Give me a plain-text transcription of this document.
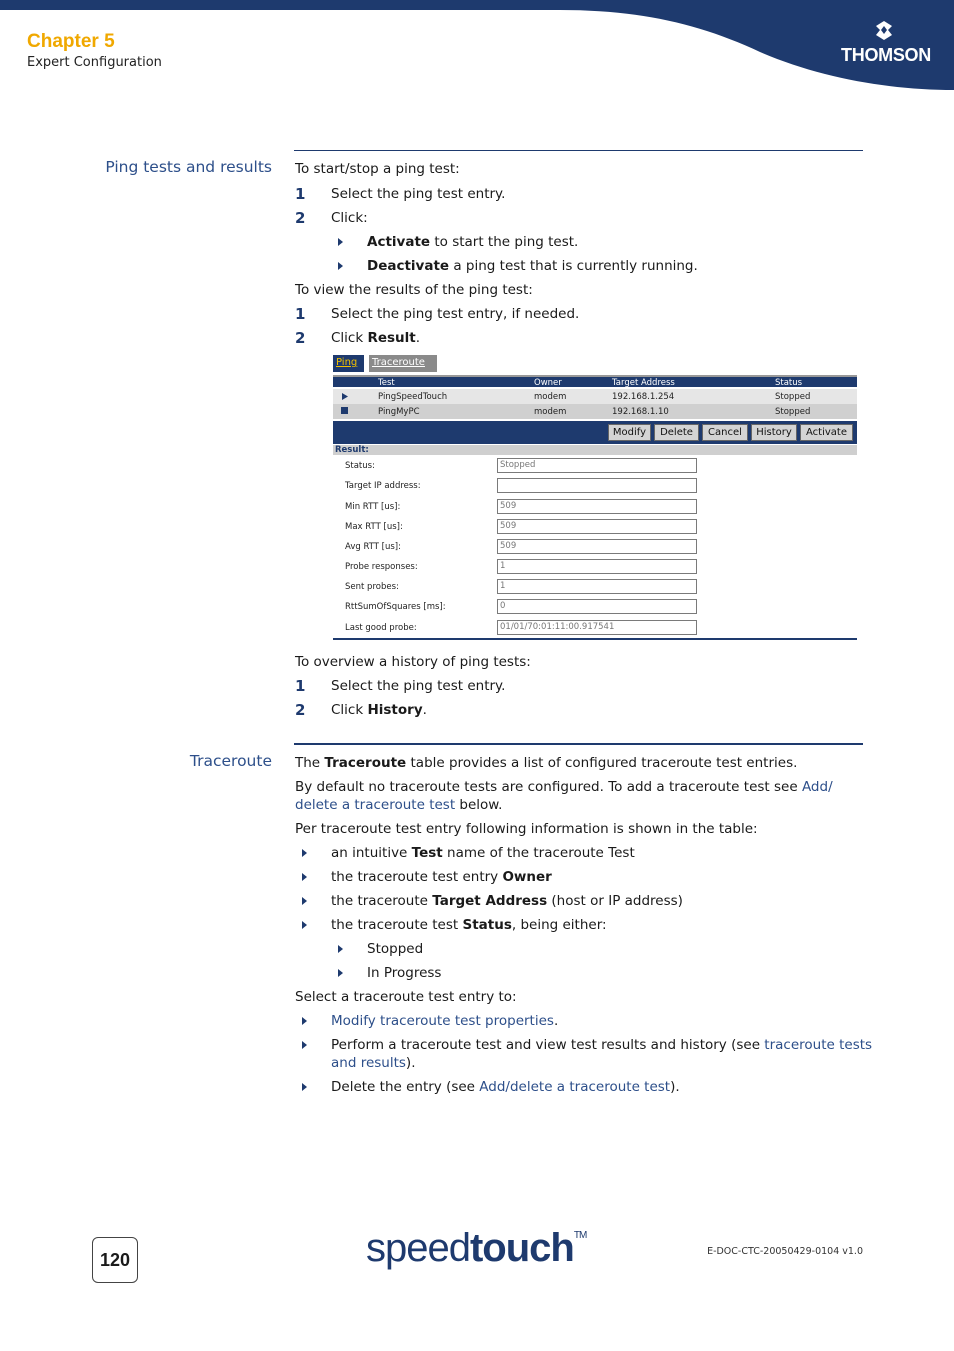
Chapter 5
Expert Configuration	THOMSON
Ping tests and results To start/stop a ping test:
1 Select the ping test entry.
2 Click:
Activate to start the ping test.
Deactivate a ping test that is currently running.
To view the results of the ping test:
1 Select the ping test entry, if needed.
2 Click Result.
Ping	Traceroute
Test	Owner	Target Address	Status
PingSpeedTouch	modem	192.168.1.254	Stopped
PingMyPC	modem	192.168.1.10	Stopped
Modify	Delete	Cancel	History	Activate
Result:
Status:	Stopped
Target IP address:
Min RTT [us]:	509
Max RTT [us]:	509
Avg RTT [us]:	509
Probe responses:	1
Sent probes:	1
RttSumOfSquares [ms]:	0
Last good probe:	01/01/70:01:11:00.917541
To overview a history of ping tests:
1 Select the ping test entry.
2 Click History.
Traceroute The Traceroute table provides a list of configured traceroute test entries.
By default no traceroute tests are configured. To add a traceroute test see Add/
delete a traceroute test below.
Per traceroute test entry following information is shown in the table:
an intuitive Test name of the traceroute Test
the traceroute test entry Owner
the traceroute Target Address (host or IP address)
the traceroute test Status, being either:
Stopped
In Progress
Select a traceroute test entry to:
Modify traceroute test properties.
Perform a traceroute test and view test results and history (see traceroute tests
and results).
Delete the entry (see Add/delete a traceroute test).
120	speedtouch™
E-DOC-CTC-20050429-0104 v1.0
